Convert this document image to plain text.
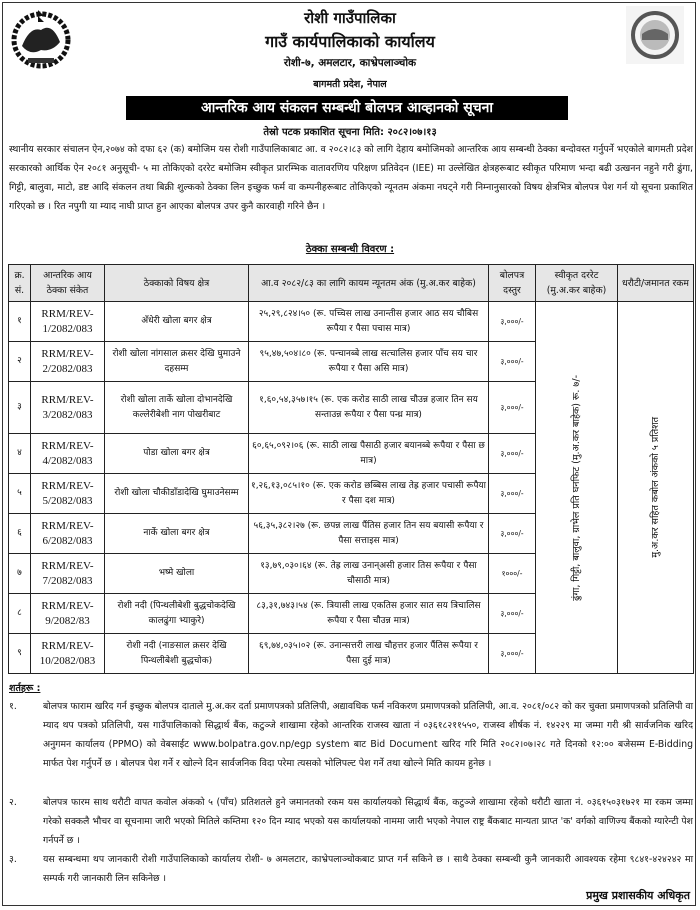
रोशी गाउँपालिका
गाउँ कार्यपालिकाको कार्यालय
रोशी-७, अमलटार, काभ्रेपलाञ्चोक
बागमती प्रदेश, नेपाल
आन्तरिक आय संकलन सम्बन्धी बोलपत्र आव्हानको सूचना
तेस्रो पटक प्रकाशित सूचना मिति: २०८२।०७।१३
स्थानीय सरकार संचालन ऐन,२०७४ को दफा ६२ (क) बमोजिम यस रोशी गाउँपालिकाबाट आ. व २०८२।८३ को लागि देहाय बमोजिमको आन्तरिक आय सम्बन्धी ठेक्का बन्दोवस्त गर्नुपर्ने भएकोले बागमती प्रदेश सरकारको आर्थिक ऐन २०८१ अनुसूची- ५ मा तोकिएको दररेट बमोजिम स्वीकृत प्रारम्भिक वातावरणिय परिक्षण प्रतिवेदन (IEE) मा उल्लेखित क्षेत्रहरूबाट स्वीकृत परिमाण भन्दा बढी उत्खनन नहुने गरी ढुंगा, गिट्टी, बालुवा, माटो, डष्ट आदि संकलन तथा बिक्री शुल्कको ठेक्का लिन इच्छुक फर्म वा कम्पनीहरूबाट तोकिएको न्यूनतम अंकमा नघट्ने गरी निम्नानुसारको विषय क्षेत्रभित्र बोलपत्र पेश गर्न यो सूचना प्रकाशित गरिएको छ । रित नपुगी या म्याद नाघी प्राप्त हुन आएका बोलपत्र उपर कुनै कारवाही गरिने छैन ।
ठेक्का सम्बन्धी विवरण :
क्र. सं.	आन्तरिक आय ठेक्का संकेत	ठेक्काको विषय क्षेत्र	आ.व २०८२/८३ का लागि कायम न्यूनतम अंक (मु.अ.कर बाहेक)	बोलपत्र दस्तुर	स्वीकृत दररेट (मु.अ.कर बाहेक)	धरौटी/जमानत रकम
१	RRM/REV-1/2082/083	अँधेरी खोला बगर क्षेत्र	२५,२९,८२४।५० (रू. पच्चिस लाख उनान्तीस हजार आठ सय चौबिस रूपैया र पैसा पचास मात्र)	३,०००/-	ढुंगा, गिट्टी, बालुवा, ग्राभेल प्रति घनफिट (मु.अ.कर बाहेक) रू. ७/-	मु.अ.कर सहित कबोल अंकको ५ प्रतिशत

२	RRM/REV-2/2082/083	रोशी खोला नांगसाल क्रसर देखि घुमाउने दहसम्म	९५,४७,५०४।८० (रू. पन्चानब्बे लाख सत्चालिस हजार पाँच सय चार रूपैया र पैसा असि मात्र)	३,०००/-		
३	RRM/REV-3/2082/083	रोशी खोला तार्के खोला दोभानदेखि कल्लेरीबेशी नाग पोखरीबाट	१,६०,५४,३५७।१५ (रू. एक करोड साठी लाख चौउन्न हजार तिन सय सन्ताउन्न रूपैया र पैसा पन्ध्र मात्र)	३,०००/-		
४	RRM/REV-4/2082/083	पोडा खोला बगर क्षेत्र	६०,६५,०९२।०६ (रू. साठी लाख पैसाठी हजार बयानब्बे रूपैया र पैसा छ मात्र)	३,०००/-		
५	RRM/REV-5/2082/083	रोशी खोला चौकीडाँडादेखि घुमाउनेसम्म	१,२६,१३,०८५।१० (रू. एक करोड छब्बिस लाख तेह्र हजार पचासी रूपैया र पैसा दश मात्र)	३,०००/-		
६	RRM/REV-6/2082/083	नार्के खोला बगर क्षेत्र	५६,३५,३८२।२७ (रू. छपन्न लाख पैंतिस हजार तिन सय बयासी रूपैया र पैसा सत्ताइस मात्र)	३,०००/-		
७	RRM/REV-7/2082/083	भष्मे खोला	१३,७९,०३०।६४ (रू. तेह्र लाख उनान्असी हजार तिस रूपैया र पैसा चौसाठी मात्र)	१०००/-		
८	RRM/REV-9/2082/83	रोशी नदी (पिन्थलीबेशी बुद्धचोकदेखि कालढुंगा भ्याकुरे)	८३,३१,७४३।५४ (रू. त्रियासी लाख एकतिस हजार सात सय त्रिचालिस रूपैया र पैसा चौउन्न मात्र)	३,०००/-		
९	RRM/REV-10/2082/083	रोशी नदी (नाङसाल क्रसर देखि पिन्थलीबेशी बुद्धचोक)	६९,७४,०३५।०२ (रू. उनान्सत्तरी लाख चौहत्तर हजार पैंतिस रूपैया र पैसा दुई मात्र)	३,०००/-		
शर्तहरू :
१.	बोलपत्र फाराम खरिद गर्न इच्छुक बोलपत्र दाताले मु.अ.कर दर्ता प्रमाणपत्रको प्रतिलिपी, अद्यावधिक फर्म नविकरण प्रमाणपत्रको प्रतिलिपी, आ.व. २०८१/०८२ को कर चुक्ता प्रमाणपत्रको प्रतिलिपी वा म्याद थप पत्रको प्रतिलिपी, यस गाउँपालिकाको सिद्धार्थ बैंक, कटुञ्जे शाखामा रहेको आन्तरिक राजस्व खाता नं ०३६१८२११५५०, राजस्व शीर्षक नं. १४२२९ मा जम्मा गरी श्री सार्वजनिक खरिद अनुगमन कार्यालय (PPMO) को वेबसाईट www.bolpatra.gov.np/egp system बाट Bid Document खरिद गरि मिति २०८२।०७।२८ गते दिनको १२:०० बजेसम्म E-Bidding मार्फत पेश गर्नुपर्ने छ । बोलपत्र पेश गर्ने र खोल्ने दिन सार्वजनिक विदा परेमा त्यसको भोलिपल्ट पेश गर्ने तथा खोल्ने मिति कायम हुनेछ ।
२.	बोलपत्र फारम साथ धरौटी वापत कवोल अंकको ५ (पाँच) प्रतिशतले हुने जमानतको रकम यस कार्यालयको सिद्धार्थ बैंक, कटुञ्जे शाखामा रहेको धरौटी खाता नं. ०३६१५०३१७२१ मा रकम जम्मा गरेको सक्कलै भौचर वा सूचनामा जारी भएको मितिले कम्तिमा १२० दिन म्याद भएको यस कार्यालयको नाममा जारी भएको नेपाल राष्ट्र बैंकबाट मान्यता प्राप्त 'क' वर्गको वाणिज्य बैंकको ग्यारेन्टी पेश गर्नपर्ने छ ।
३.	यस सम्बन्धमा थप जानकारी रोशी गाउँपालिकाको कार्यालय रोशी- ७ अमलटार, काभ्रेपलाञ्चोकबाट प्राप्त गर्न सकिने छ । साथै ठेक्का सम्बन्धी कुनै जानकारी आवश्यक रहेमा ९८४१-४२४२४२ मा सम्पर्क गरी जानकारी लिन सकिनेछ ।
प्रमुख प्रशासकीय अधिकृत
